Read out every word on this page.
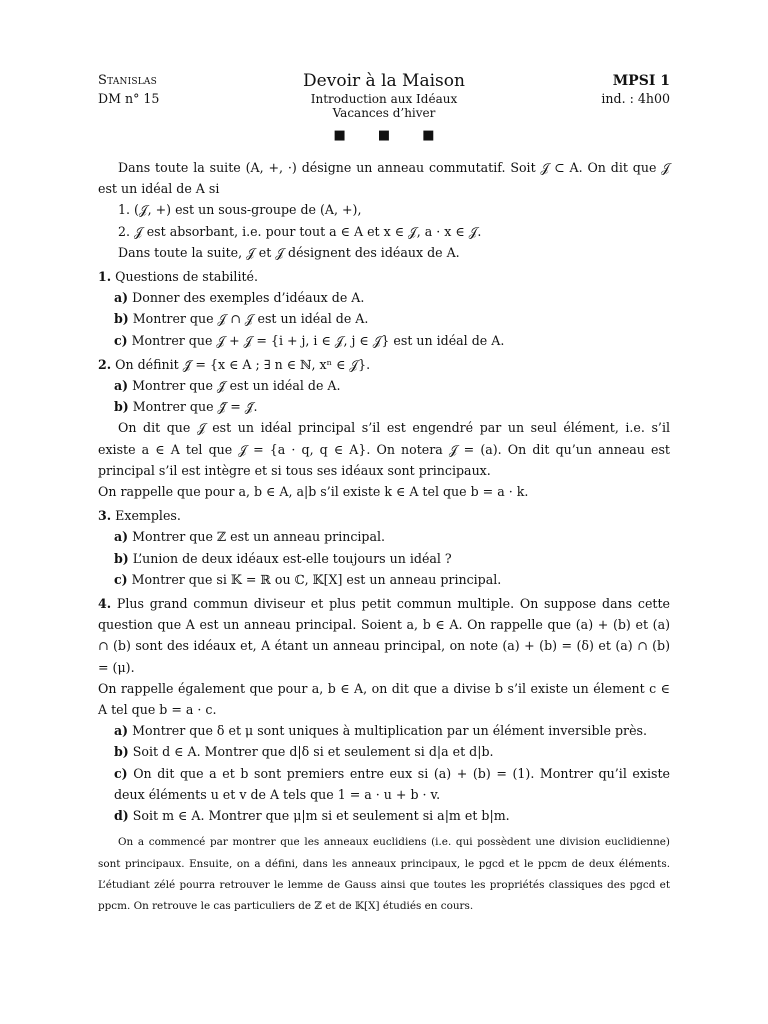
Stanislas
DM n° 15
Devoir à la Maison
Introduction aux Idéaux
Vacances d’hiver
■ ■ ■
MPSI 1
ind. : 4h00

Dans toute la suite (A, +, ·) désigne un anneau commutatif. Soit 𝒥 ⊂ A. On dit que 𝒥 est un idéal de A si

1. (𝒥, +) est un sous-groupe de (A, +),

2. 𝒥 est absorbant, i.e. pour tout a ∈ A et x ∈ 𝒥, a · x ∈ 𝒥.

Dans toute la suite, 𝒥 et 𝒥 désignent des idéaux de A.

1. Questions de stabilité.

a) Donner des exemples d’idéaux de A.

b) Montrer que 𝒥 ∩ 𝒥 est un idéal de A.

c) Montrer que 𝒥 + 𝒥 = {i + j, i ∈ 𝒥, j ∈ 𝒥} est un idéal de A.

2. On définit 𝒥̃ = {x ∈ A ; ∃ n ∈ ℕ, xⁿ ∈ 𝒥}.

a) Montrer que 𝒥̃ est un idéal de A.

b) Montrer que 𝒥̃̃ = 𝒥̃.

On dit que 𝒥 est un idéal principal s’il est engendré par un seul élément, i.e. s’il existe a ∈ A tel que 𝒥 = {a · q, q ∈ A}. On notera 𝒥 = (a). On dit qu’un anneau est principal s’il est intègre et si tous ses idéaux sont principaux.

On rappelle que pour a, b ∈ A, a|b s’il existe k ∈ A tel que b = a · k.

3. Exemples.

a) Montrer que ℤ est un anneau principal.

b) L’union de deux idéaux est-elle toujours un idéal ?

c) Montrer que si 𝕂 = ℝ ou ℂ, 𝕂[X] est un anneau principal.

4. Plus grand commun diviseur et plus petit commun multiple. On suppose dans cette question que A est un anneau principal. Soient a, b ∈ A. On rappelle que (a) + (b) et (a) ∩ (b) sont des idéaux et, A étant un anneau principal, on note (a) + (b) = (δ) et (a) ∩ (b) = (μ).

On rappelle également que pour a, b ∈ A, on dit que a divise b s’il existe un élement c ∈ A tel que b = a · c.

a) Montrer que δ et μ sont uniques à multiplication par un élément inversible près.

b) Soit d ∈ A. Montrer que d|δ si et seulement si d|a et d|b.

c) On dit que a et b sont premiers entre eux si (a) + (b) = (1). Montrer qu’il existe deux éléments u et v de A tels que 1 = a · u + b · v.

d) Soit m ∈ A. Montrer que μ|m si et seulement si a|m et b|m.

On a commencé par montrer que les anneaux euclidiens (i.e. qui possèdent une division euclidienne) sont principaux. Ensuite, on a défini, dans les anneaux principaux, le pgcd et le ppcm de deux éléments. L’étudiant zélé pourra retrouver le lemme de Gauss ainsi que toutes les propriétés classiques des pgcd et ppcm. On retrouve le cas particuliers de ℤ et de 𝕂[X] étudiés en cours.
